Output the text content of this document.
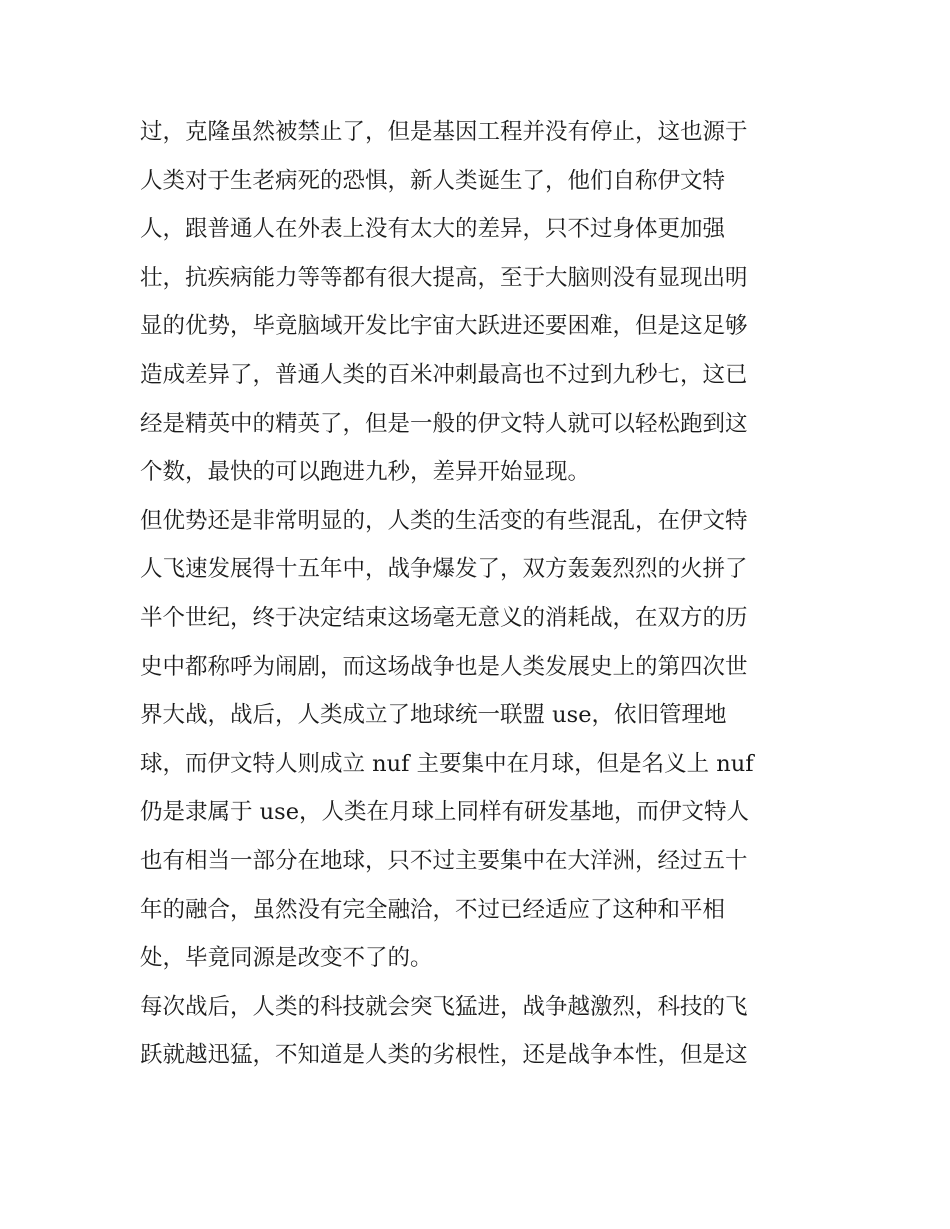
过，克隆虽然被禁止了，但是基因工程并没有停止，这也源于
人类对于生老病死的恐惧，新人类诞生了，他们自称伊文特
人，跟普通人在外表上没有太大的差异，只不过身体更加强
壮，抗疾病能力等等都有很大提高，至于大脑则没有显现出明
显的优势，毕竟脑域开发比宇宙大跃进还要困难，但是这足够
造成差异了，普通人类的百米冲刺最高也不过到九秒七，这已
经是精英中的精英了，但是一般的伊文特人就可以轻松跑到这
个数，最快的可以跑进九秒，差异开始显现。
但优势还是非常明显的，人类的生活变的有些混乱，在伊文特
人飞速发展得十五年中，战争爆发了，双方轰轰烈烈的火拼了
半个世纪，终于决定结束这场毫无意义的消耗战，在双方的历
史中都称呼为闹剧，而这场战争也是人类发展史上的第四次世
界大战，战后，人类成立了地球统一联盟 use，依旧管理地
球，而伊文特人则成立 nuf 主要集中在月球，但是名义上 nuf
仍是隶属于 use，人类在月球上同样有研发基地，而伊文特人
也有相当一部分在地球，只不过主要集中在大洋洲，经过五十
年的融合，虽然没有完全融洽，不过已经适应了这种和平相
处，毕竟同源是改变不了的。
每次战后，人类的科技就会突飞猛进，战争越激烈，科技的飞
跃就越迅猛，不知道是人类的劣根性，还是战争本性，但是这
